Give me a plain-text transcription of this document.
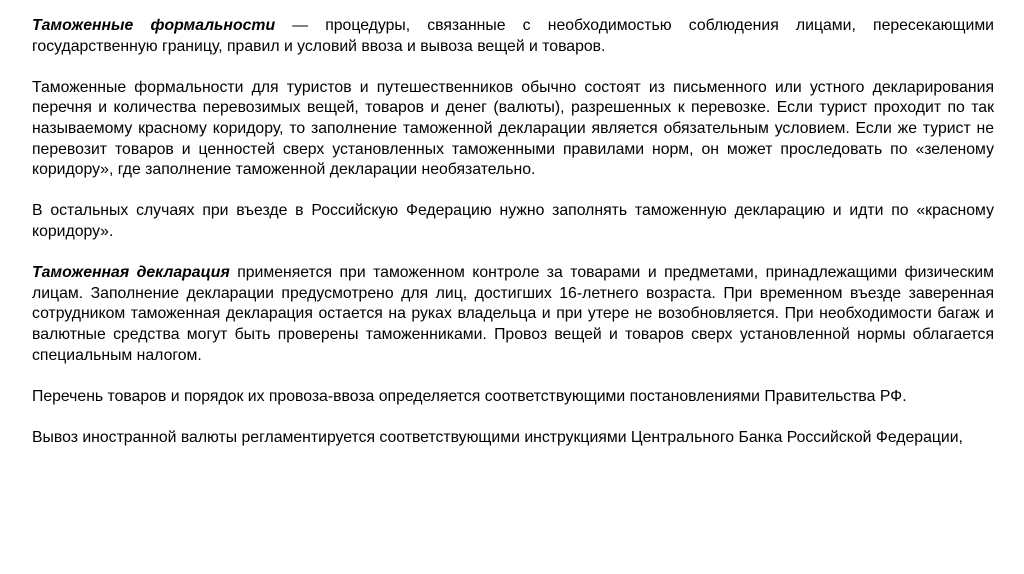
Таможенные формальности — процедуры, связанные с необходимостью соблюдения лицами, пересекающими государственную границу, правил и условий ввоза и вывоза вещей и товаров.

Таможенные формальности для туристов и путешественников обычно состоят из письменного или устного декларирования перечня и количества перевозимых вещей, товаров и денег (валюты), разрешенных к перевозке. Если турист проходит по так называемому красному коридору, то заполнение таможенной декларации является обязательным условием. Если же турист не перевозит товаров и ценностей сверх установленных таможенными правилами норм, он может проследовать по «зеленому коридору», где заполнение таможенной декларации необязательно.

В остальных случаях при въезде в Российскую Федерацию нужно заполнять таможенную декларацию и идти по «красному коридору».

Таможенная декларация применяется при таможенном контроле за товарами и предметами, принадлежащими физическим лицам. Заполнение декларации предусмотрено для лиц, достигших 16-летнего возраста. При временном въезде заверенная сотрудником таможенная декларация остается на руках владельца и при утере не возобновляется. При необходимости багаж и валютные средства могут быть проверены таможенниками. Провоз вещей и товаров сверх установленной нормы облагается специальным налогом.

Перечень товаров и порядок их провоза-ввоза определяется соответствующими постановлениями Правительства РФ.

Вывоз иностранной валюты регламентируется соответствующими инструкциями Центрального Банка Российской Федерации,
